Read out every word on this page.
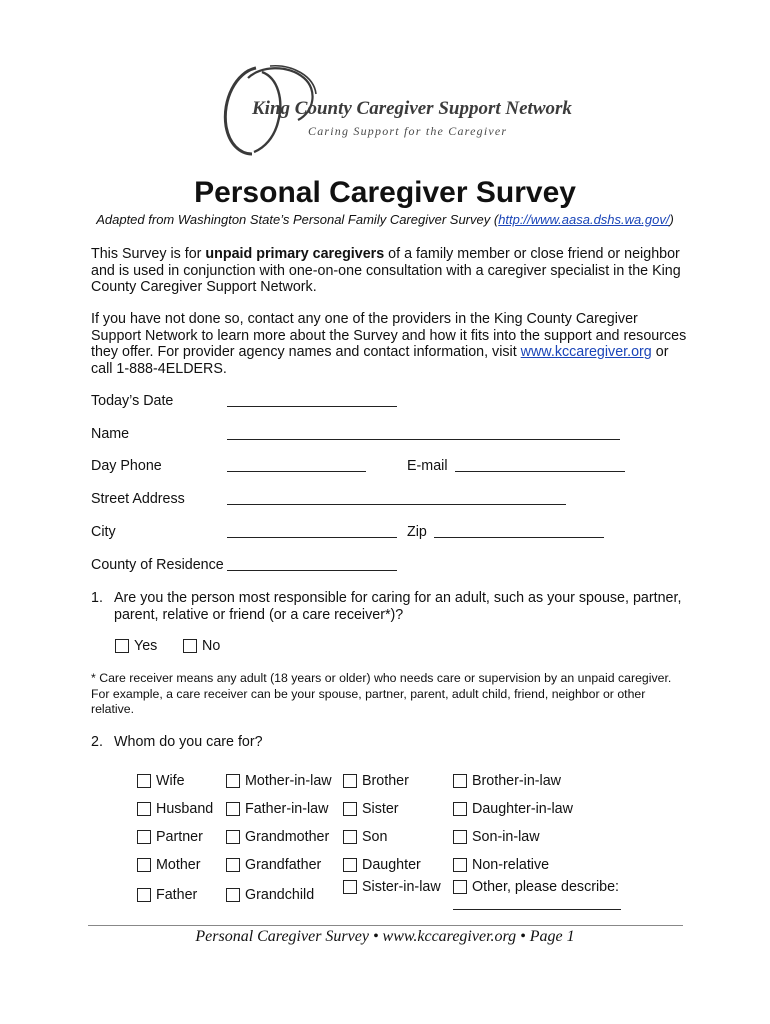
King County Caregiver Support Network
Caring Support for the Caregiver
Personal Caregiver Survey
Adapted from Washington State’s Personal Family Caregiver Survey (http://www.aasa.dshs.wa.gov/)
This Survey is for unpaid primary caregivers of a family member or close friend or neighbor and is used in conjunction with one-on-one consultation with a caregiver specialist in the King County Caregiver Support Network.
If you have not done so, contact any one of the providers in the King County Caregiver Support Network to learn more about the Survey and how it fits into the support and resources they offer. For provider agency names and contact information, visit www.kccaregiver.org or call 1-888-4ELDERS.
Today’s Date
Name
Day Phone	E-mail
Street Address
City	Zip
County of Residence
1. Are you the person most responsible for caring for an adult, such as your spouse, partner, parent, relative or friend (or a care receiver*)?
Yes	No
* Care receiver means any adult (18 years or older) who needs care or supervision by an unpaid caregiver. For example, a care receiver can be your spouse, partner, parent, adult child, friend, neighbor or other relative.
2. Whom do you care for?
Wife
Husband
Partner
Mother
Father
Mother-in-law
Father-in-law
Grandmother
Grandfather
Grandchild
Brother
Sister
Son
Daughter
Sister-in-law
Brother-in-law
Daughter-in-law
Son-in-law
Non-relative
Other, please describe:
Personal Caregiver Survey • www.kccaregiver.org • Page 1
